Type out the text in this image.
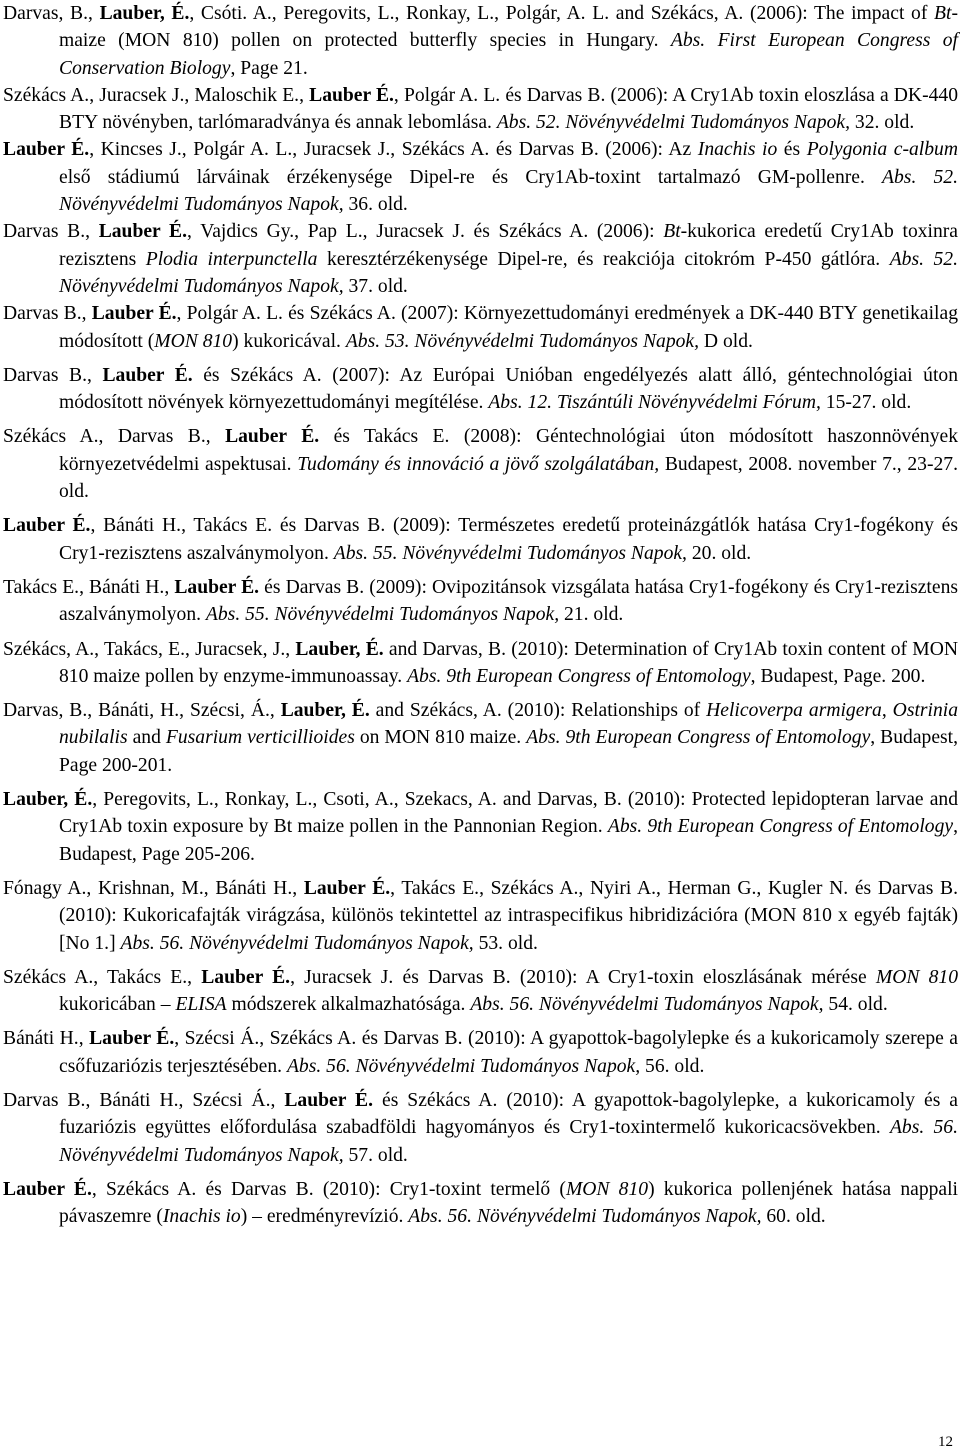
Darvas, B., Lauber, É., Csóti. A., Peregovits, L., Ronkay, L., Polgár, A. L. and Székács, A. (2006): The impact of Bt-maize (MON 810) pollen on protected butterfly species in Hungary. Abs. First European Congress of Conservation Biology, Page 21.
Székács A., Juracsek J., Maloschik E., Lauber É., Polgár A. L. és Darvas B. (2006): A Cry1Ab toxin eloszlása a DK-440 BTY növényben, tarlómaradványa és annak lebomlása. Abs. 52. Növényvédelmi Tudományos Napok, 32. old.
Lauber É., Kincses J., Polgár A. L., Juracsek J., Székács A. és Darvas B. (2006): Az Inachis io és Polygonia c-album első stádiumú lárváinak érzékenysége Dipel-re és Cry1Ab-toxint tartalmazó GM-pollenre. Abs. 52. Növényvédelmi Tudományos Napok, 36. old.
Darvas B., Lauber É., Vajdics Gy., Pap L., Juracsek J. és Székács A. (2006): Bt-kukorica eredetű Cry1Ab toxinra rezisztens Plodia interpunctella keresztérzékenysége Dipel-re, és reakciója citokróm P-450 gátlóra. Abs. 52. Növényvédelmi Tudományos Napok, 37. old.
Darvas B., Lauber É., Polgár A. L. és Székács A. (2007): Környezettudományi eredmények a DK-440 BTY genetikailag módosított (MON 810) kukoricával. Abs. 53. Növényvédelmi Tudományos Napok, D old.
Darvas B., Lauber É. és Székács A. (2007): Az Európai Unióban engedélyezés alatt álló, géntechnológiai úton módosított növények környezettudományi megítélése. Abs. 12. Tiszántúli Növényvédelmi Fórum, 15-27. old.
Székács A., Darvas B., Lauber É. és Takács E. (2008): Géntechnológiai úton módosított haszonnövények környezetvédelmi aspektusai. Tudomány és innováció a jövő szolgálatában, Budapest, 2008. november 7., 23-27. old.
Lauber É., Bánáti H., Takács E. és Darvas B. (2009): Természetes eredetű proteinázgátlók hatása Cry1-fogékony és Cry1-rezisztens aszalványmolyon. Abs. 55. Növényvédelmi Tudományos Napok, 20. old.
Takács E., Bánáti H., Lauber É. és Darvas B. (2009): Ovipozitánsok vizsgálata hatása Cry1-fogékony és Cry1-rezisztens aszalványmolyon. Abs. 55. Növényvédelmi Tudományos Napok, 21. old.
Székács, A., Takács, E., Juracsek, J., Lauber, É. and Darvas, B. (2010): Determination of Cry1Ab toxin content of MON 810 maize pollen by enzyme-immunoassay. Abs. 9th European Congress of Entomology, Budapest, Page. 200.
Darvas, B., Bánáti, H., Szécsi, Á., Lauber, É. and Székács, A. (2010): Relationships of Helicoverpa armigera, Ostrinia nubilalis and Fusarium verticillioides on MON 810 maize. Abs. 9th European Congress of Entomology, Budapest, Page 200-201.
Lauber, É., Peregovits, L., Ronkay, L., Csoti, A., Szekacs, A. and Darvas, B. (2010): Protected lepidopteran larvae and Cry1Ab toxin exposure by Bt maize pollen in the Pannonian Region. Abs. 9th European Congress of Entomology, Budapest, Page 205-206.
Fónagy A., Krishnan, M., Bánáti H., Lauber É., Takács E., Székács A., Nyiri A., Herman G., Kugler N. és Darvas B. (2010): Kukoricafajták virágzása, különös tekintettel az intraspecifikus hibridizációra (MON 810 x egyéb fajták) [No 1.] Abs. 56. Növényvédelmi Tudományos Napok, 53. old.
Székács A., Takács E., Lauber É., Juracsek J. és Darvas B. (2010): A Cry1-toxin eloszlásának mérése MON 810 kukoricában – ELISA módszerek alkalmazhatósága. Abs. 56. Növényvédelmi Tudományos Napok, 54. old.
Bánáti H., Lauber É., Szécsi Á., Székács A. és Darvas B. (2010): A gyapottok-bagolylepke és a kukoricamoly szerepe a csőfuzariózis terjesztésében. Abs. 56. Növényvédelmi Tudományos Napok, 56. old.
Darvas B., Bánáti H., Szécsi Á., Lauber É. és Székács A. (2010): A gyapottok-bagolylepke, a kukoricamoly és a fuzariózis együttes előfordulása szabadföldi hagyományos és Cry1-toxintermelő kukoricacsövekben. Abs. 56. Növényvédelmi Tudományos Napok, 57. old.
Lauber É., Székács A. és Darvas B. (2010): Cry1-toxint termelő (MON 810) kukorica pollenjének hatása nappali pávaszemre (Inachis io) – eredményrevízió. Abs. 56. Növényvédelmi Tudományos Napok, 60. old.
12
